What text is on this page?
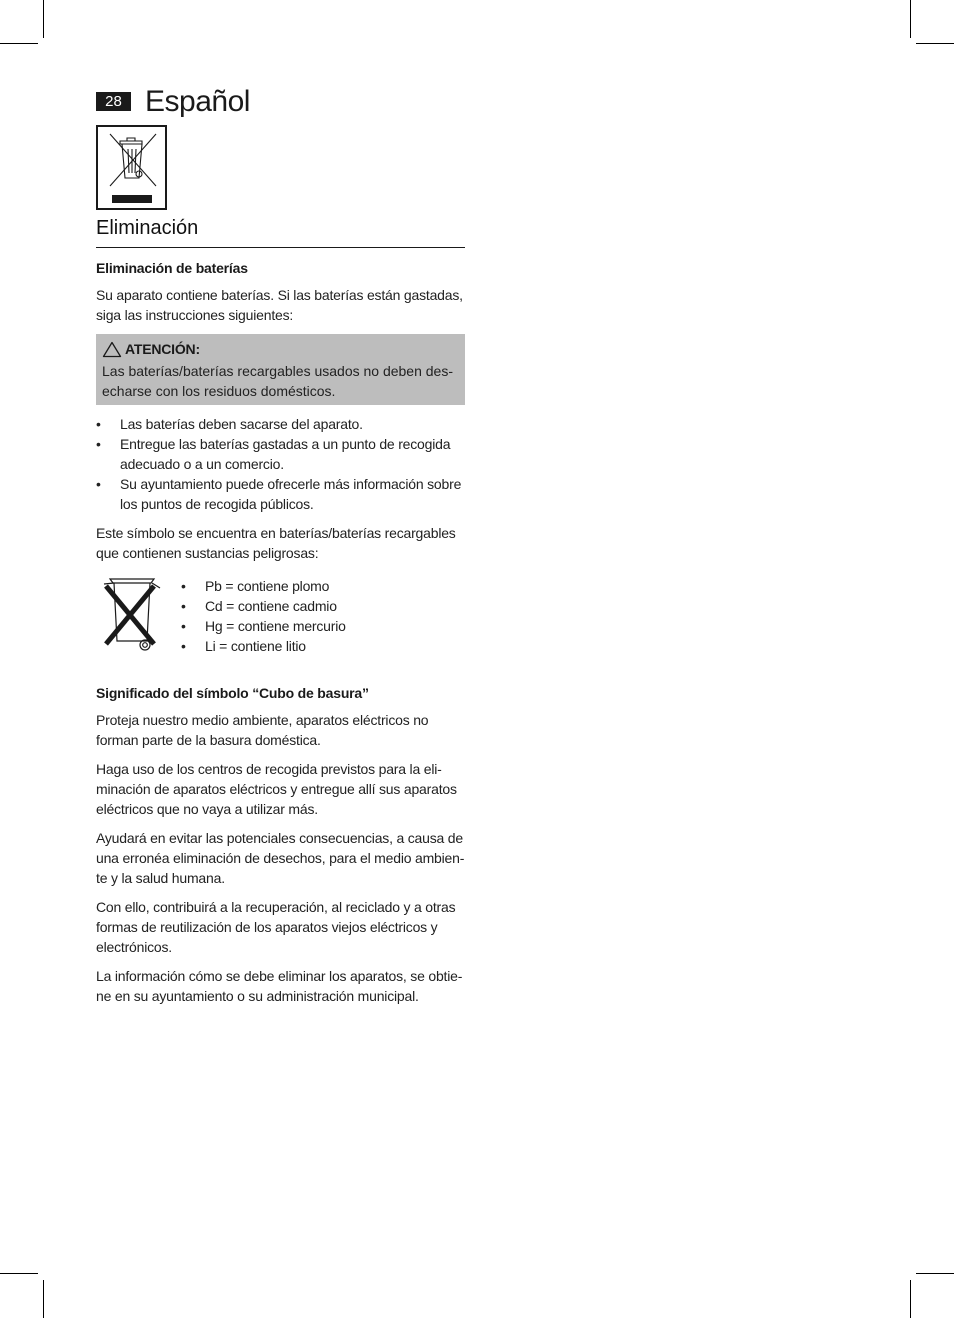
28 Español
Eliminación
Eliminación de baterías

Su aparato contiene baterías. Si las baterías están gastadas, siga las instrucciones siguientes:

ATENCIÓN:
Las baterías/baterías recargables usados no deben des-echarse con los residuos domésticos.
• Las baterías deben sacarse del aparato.
• Entregue las baterías gastadas a un punto de recogida adecuado o a un comercio.
• Su ayuntamiento puede ofrecerle más información sobre los puntos de recogida públicos.

Este símbolo se encuentra en baterías/baterías recargables que contienen sustancias peligrosas:

• Pb = contiene plomo
• Cd = contiene cadmio
• Hg = contiene mercurio
• Li = contiene litio
Significado del símbolo “Cubo de basura”

Proteja nuestro medio ambiente, aparatos eléctricos no forman parte de la basura doméstica.

Haga uso de los centros de recogida previstos para la eli-minación de aparatos eléctricos y entregue allí sus aparatos eléctricos que no vaya a utilizar más.

Ayudará en evitar las potenciales consecuencias, a causa de una erronéa eliminación de desechos, para el medio ambien-te y la salud humana.

Con ello, contribuirá a la recuperación, al reciclado y a otras formas de reutilización de los aparatos viejos eléctricos y electrónicos.

La información cómo se debe eliminar los aparatos, se obtie-ne en su ayuntamiento o su administración municipal.
